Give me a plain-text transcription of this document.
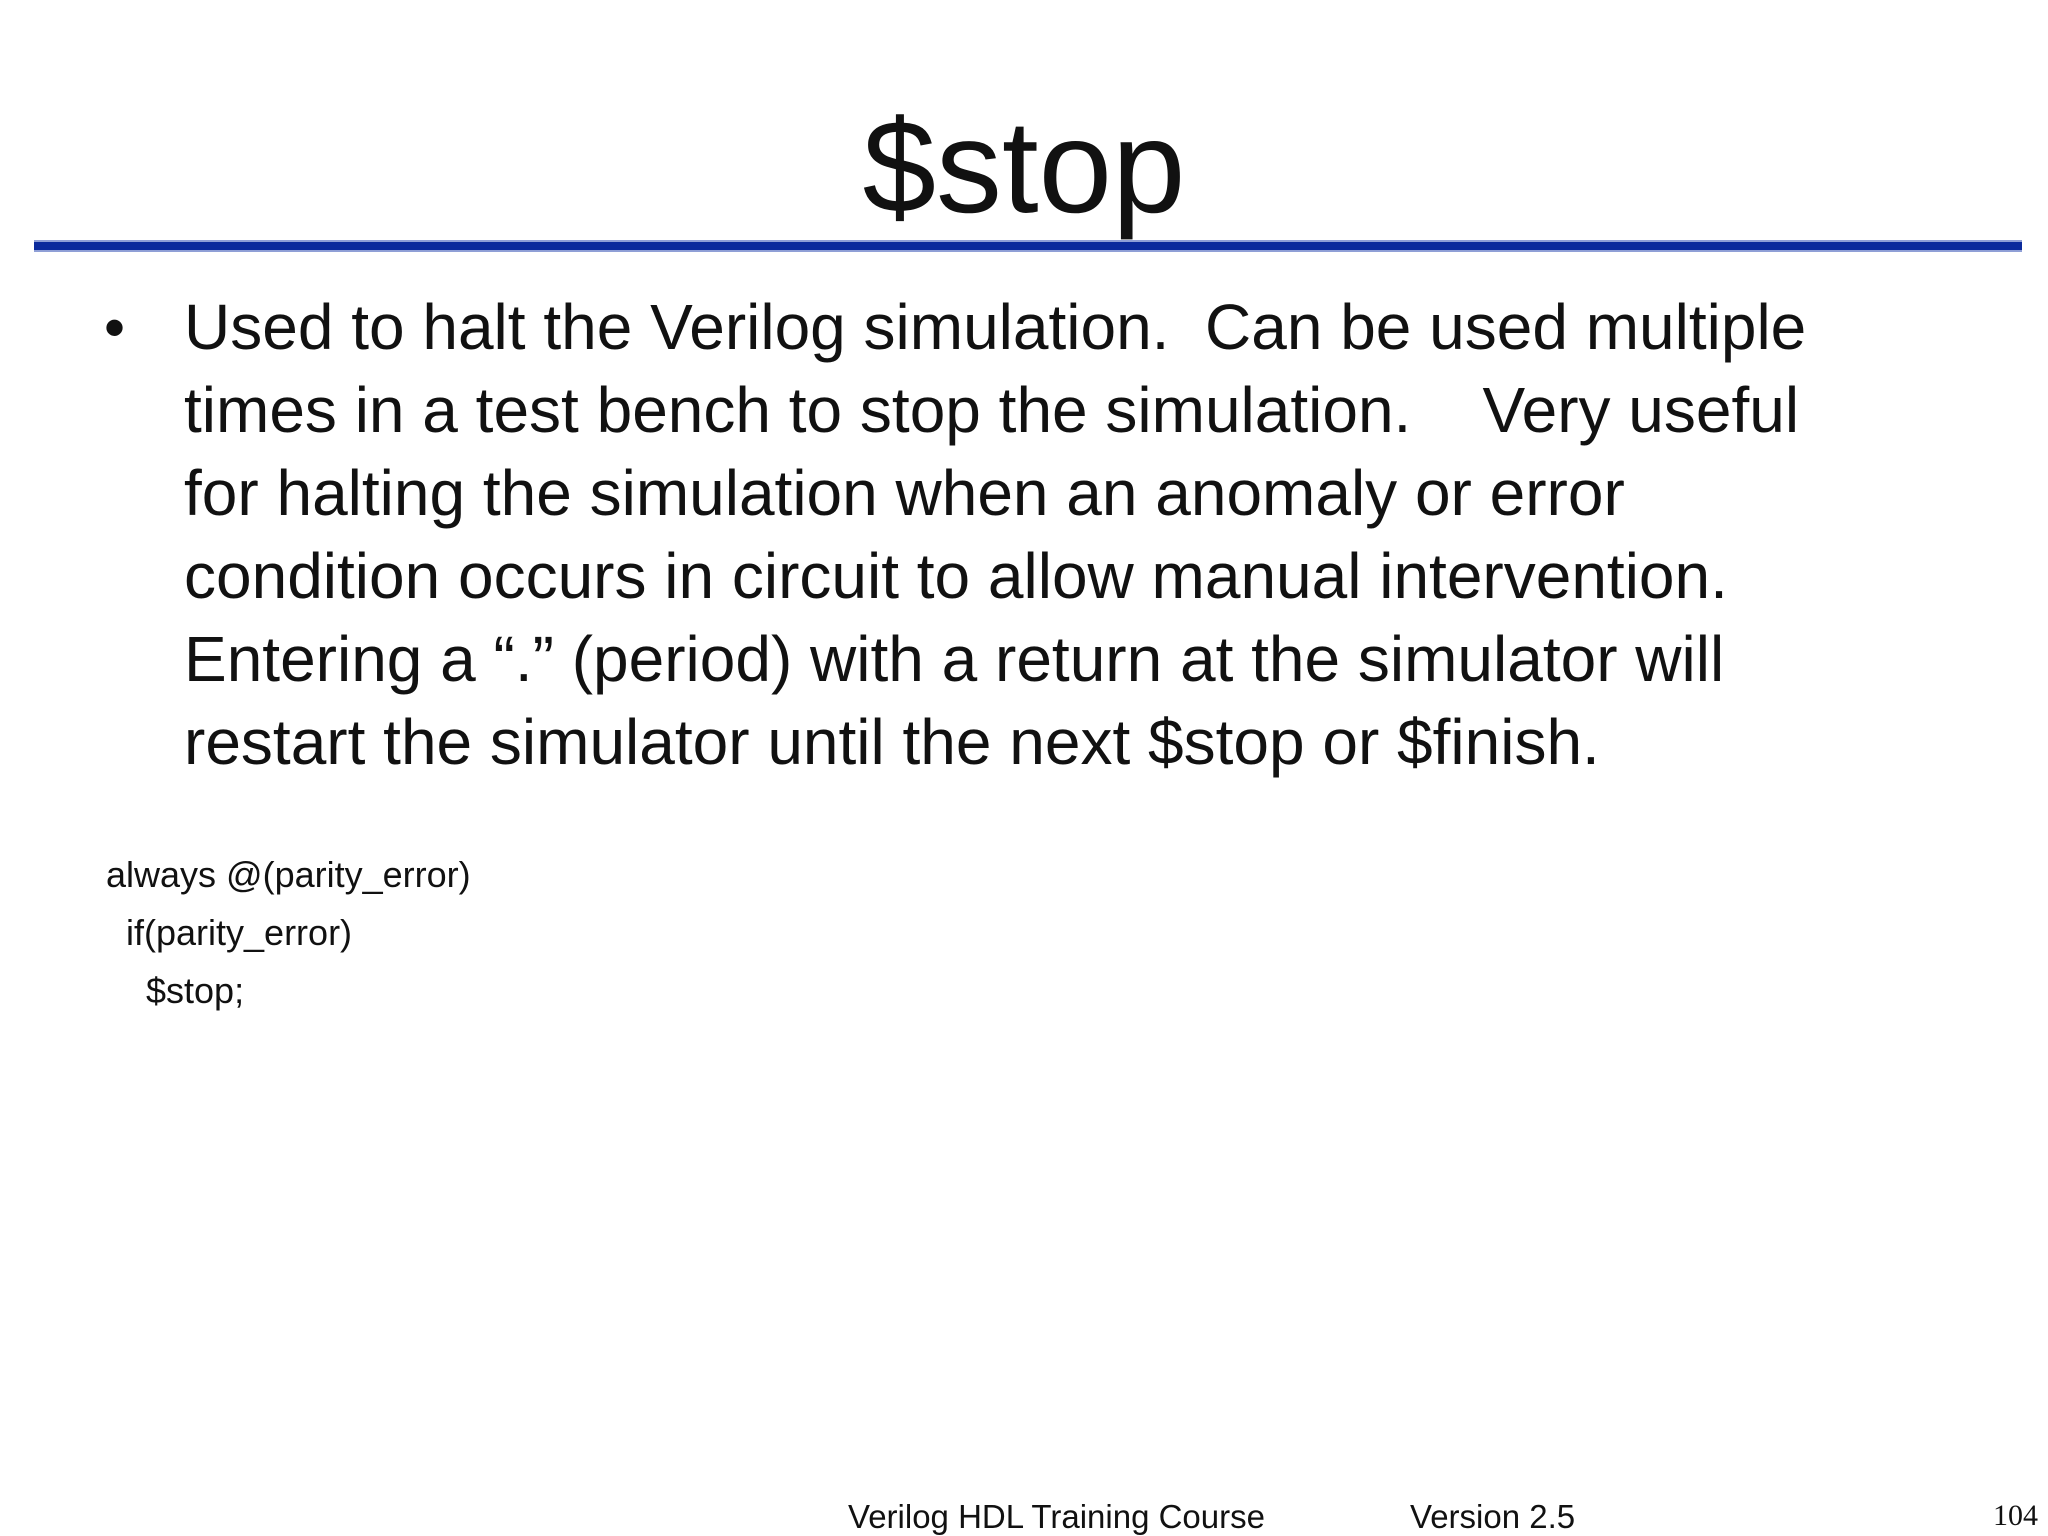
$stop
• Used to halt the Verilog simulation.  Can be used multiple
times in a test bench to stop the simulation.    Very useful
for halting the simulation when an anomaly or error
condition occurs in circuit to allow manual intervention.
Entering a “.” (period) with a return at the simulator will
restart the simulator until the next $stop or $finish.
always @(parity_error)
if(parity_error)
$stop;
Verilog HDL Training Course	Version 2.5	104
